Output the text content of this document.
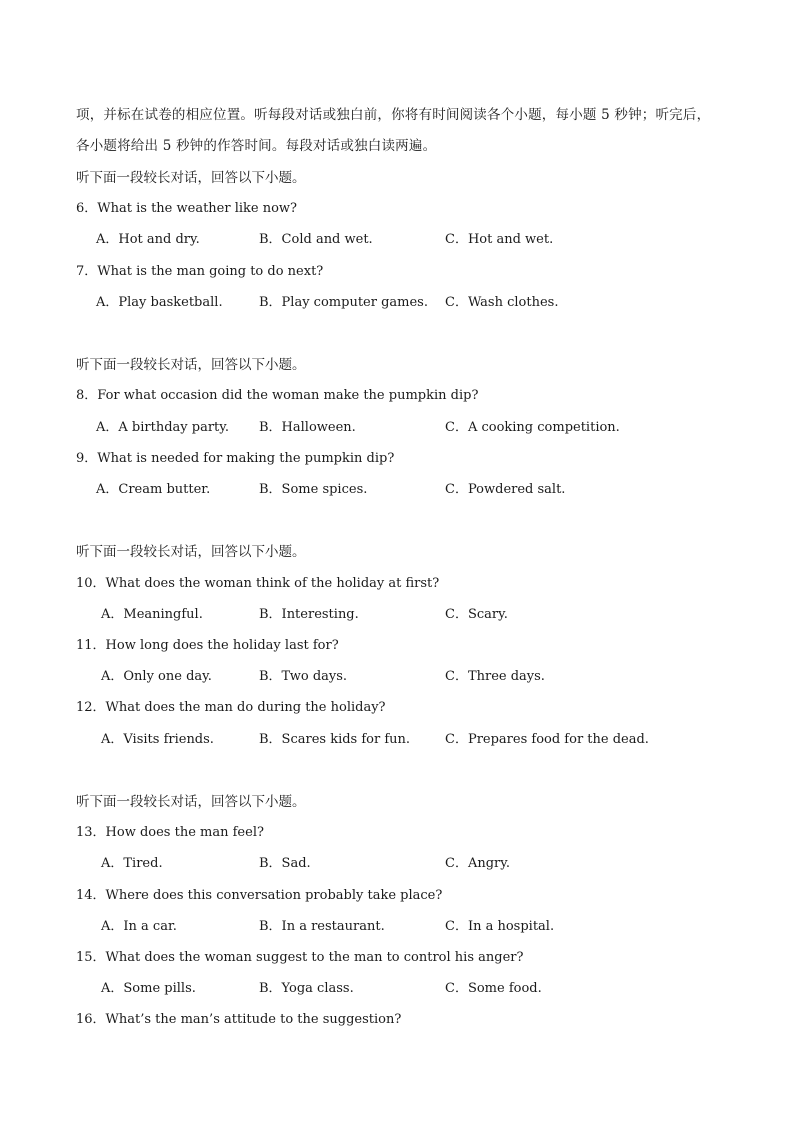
项，并标在试卷的相应位置。听每段对话或独白前，你将有时间阅读各个小题，每小题 5 秒钟；听完后，
各小题将给出 5 秒钟的作答时间。每段对话或独白读两遍。
听下面一段较长对话，回答以下小题。
6．What is the weather like now?
A．Hot and dry.	B．Cold and wet.	C．Hot and wet.
7．What is the man going to do next?
A．Play basketball.	B．Play computer games. C．Wash clothes.
听下面一段较长对话，回答以下小题。
8．For what occasion did the woman make the pumpkin dip?
A．A birthday party. B．Halloween.	C．A cooking competition.
9．What is needed for making the pumpkin dip?
A．Cream butter.	B．Some spices.	C．Powdered salt.
听下面一段较长对话，回答以下小题。
10．What does the woman think of the holiday at first?
A．Meaningful.	B．Interesting.	C．Scary.
11．How long does the holiday last for?
A．Only one day.	B．Two days.	C．Three days.
12．What does the man do during the holiday?
A．Visits friends.	B．Scares kids for fun.	C．Prepares food for the dead.
听下面一段较长对话，回答以下小题。
13．How does the man feel?
A．Tired.	B．Sad.	C．Angry.
14．Where does this conversation probably take place?
A．In a car.	B．In a restaurant.	C．In a hospital.
15．What does the woman suggest to the man to control his anger?
A．Some pills.	B．Yoga class.	C．Some food.
16．What’s the man’s attitude to the suggestion?
